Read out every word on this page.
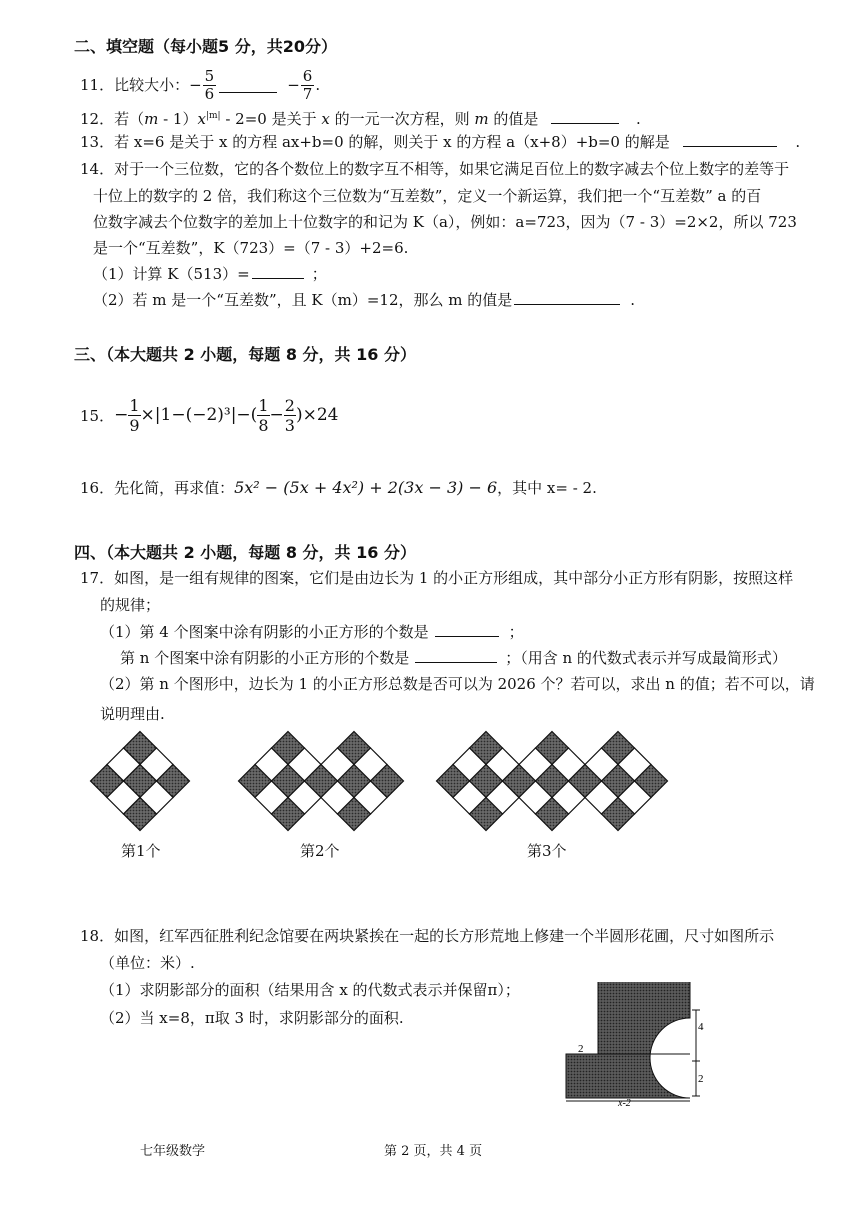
二、填空题（每小题5 分，共20分）
11．比较大小： − $\frac{5}{6}$	− $\frac{6}{7}$ .
12．若$(m - 1)x^{|m|} - 2=0$ 是关于 x 的一元一次方程，则 m 的值是	.
13．若 x=6 是关于 x 的方程 ax+b=0 的解，则关于 x 的方程 a（x+8）+b=0 的解是	.
14．对于一个三位数，它的各个数位上的数字互不相等，如果它满足百位上的数字减去个位上数字的差等于
十位上的数字的 2 倍，我们称这个三位数为“互差数”，定义一个新运算，我们把一个“互差数” a 的百
位数字减去个位数字的差加上十位数字的和记为 K（a），例如：a=723，因为（7 - 3）=2×2，所以 723
是一个“互差数”，K（723）=（7 - 3）+2=6.
（1）计算 K（513）=	；
（2）若 m 是一个“互差数”，且 K（m）=12，那么 m 的值是	.
三、（本大题共 2 小题，每题 8 分，共 16 分）
15． − $\frac{1}{9} \times|1-(-2)^3|-( \frac{1}{8} - \frac{2}{3} )\times 24$
16．先化简，再求值：5x² − (5x + 4x²) + 2(3x − 3) − 6，其中 x= - 2.
四、（本大题共 2 小题，每题 8 分，共 16 分）
17．如图，是一组有规律的图案，它们是由边长为 1 的小正方形组成，其中部分小正方形有阴影，按照这样
的规律；
（1）第 4 个图案中涂有阴影的小正方形的个数是	；
第 n 个图案中涂有阴影的小正方形的个数是	；（用含 n 的代数式表示并写成最简形式）
（2）第 n 个图形中，边长为 1 的小正方形总数是否可以为 2026 个？若可以，求出 n 的值；若不可以，请
说明理由.
第1个	第2个	第3个
18．如图，红军西征胜利纪念馆要在两块紧挨在一起的长方形荒地上修建一个半圆形花圃，尺寸如图所示
（单位：米）.
（1）求阴影部分的面积（结果用含 x 的代数式表示并保留π）；
（2）当 x=8，π取 3 时，求阴影部分的面积.	4
2
2
x-2
七年级数学	第 2 页，共 4 页
